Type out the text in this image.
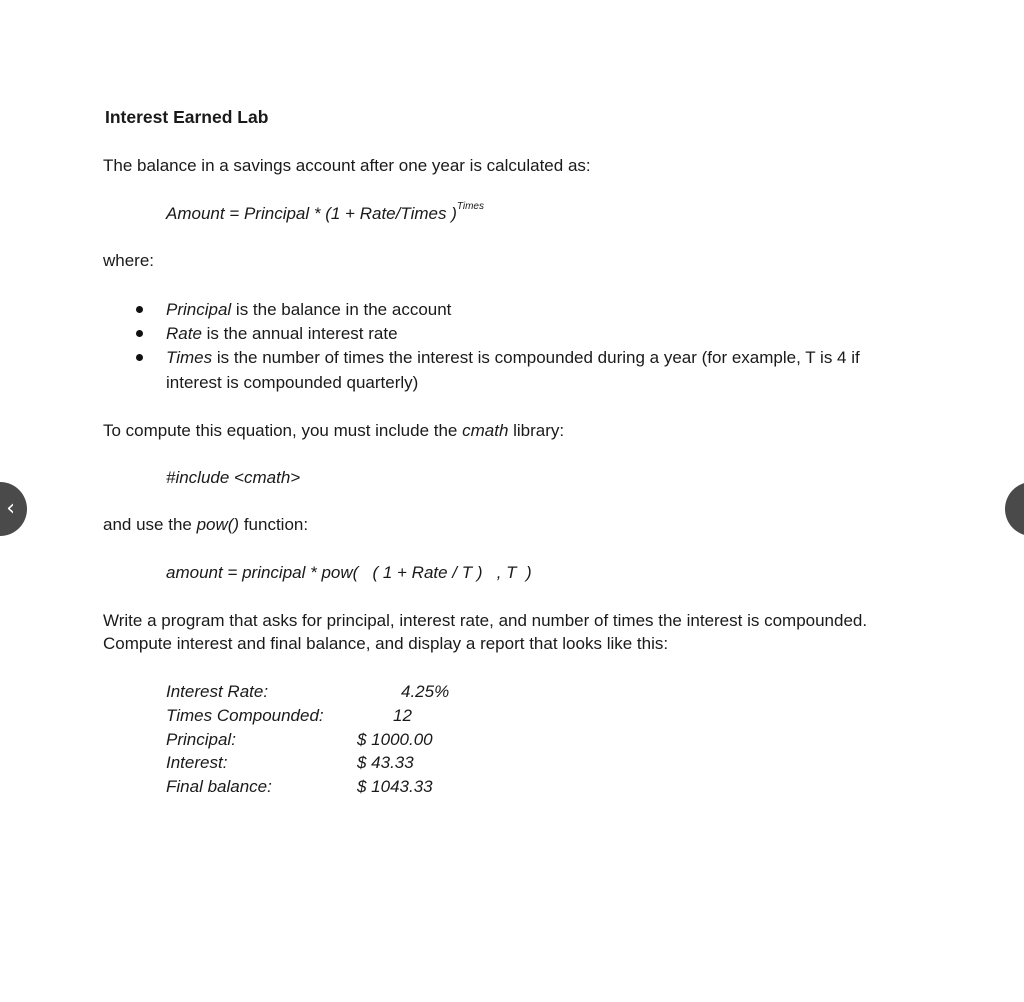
Interest Earned Lab
The balance in a savings account after one year is calculated as:
Amount = Principal * (1 + Rate/Times )$^{Times}$
where:
Principal is the balance in the account
Rate is the annual interest rate
Times is the number of times the interest is compounded during a year (for example, T is 4 if
interest is compounded quarterly)
To compute this equation, you must include the cmath library:
#include <cmath>
and use the pow() function:
amount = principal * pow(   ( 1 + Rate / T )   , T  )
Write a program that asks for principal, interest rate, and number of times the interest is compounded.
Compute interest and final balance, and display a report that looks like this:
Interest Rate:	4.25%
Times Compounded:	12
Principal:	$ 1000.00
Interest:	$ 43.33
Final balance:	$ 1043.33
‹
